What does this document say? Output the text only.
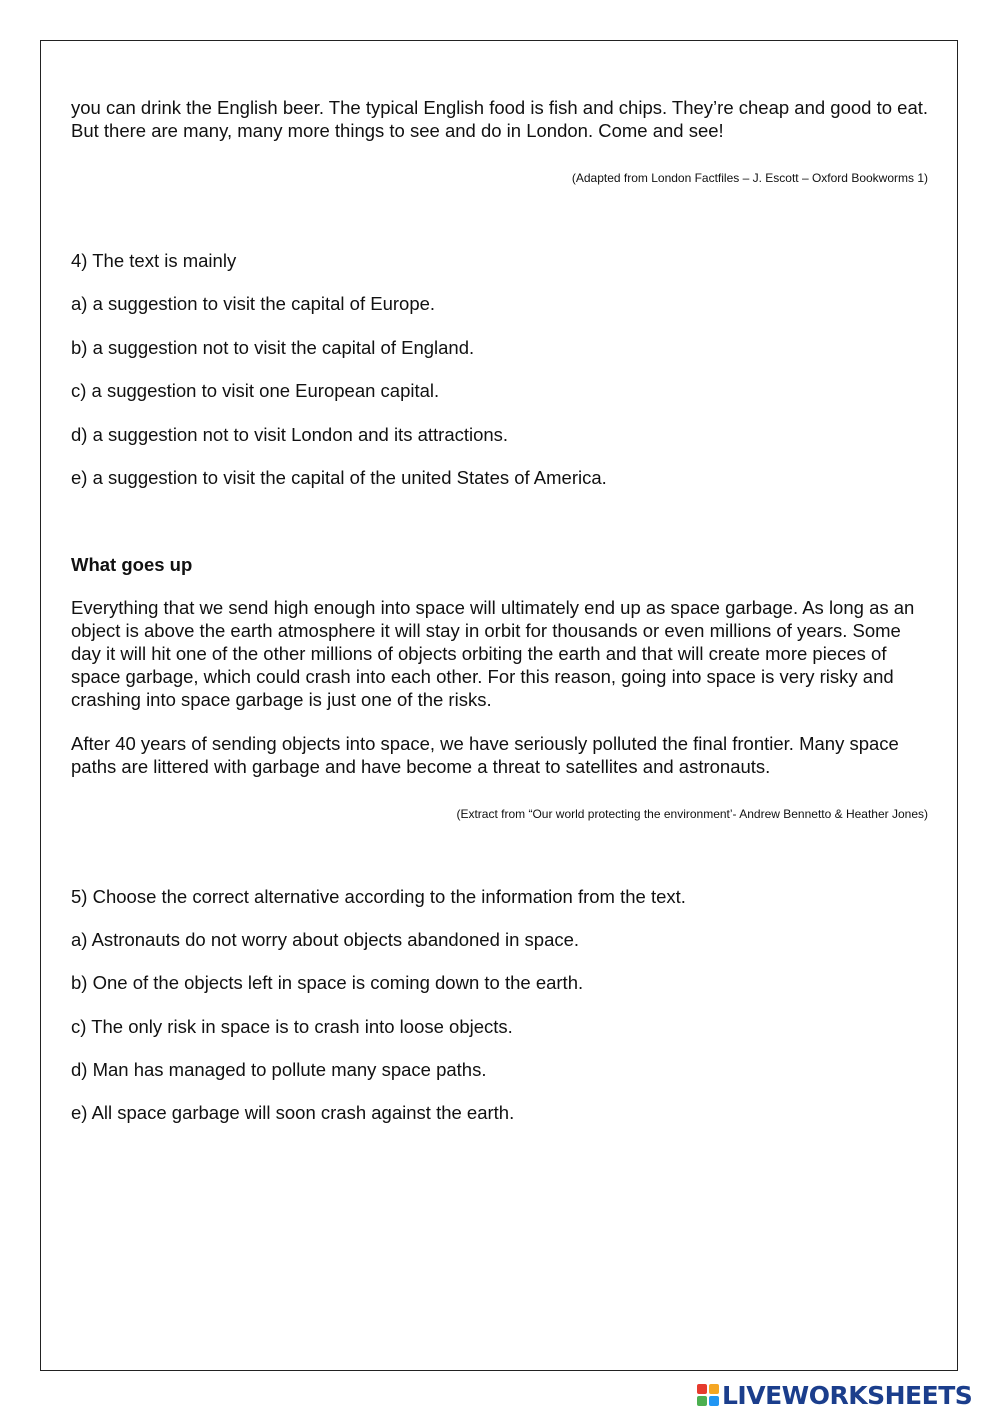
you can drink the English beer. The typical English food is fish and chips. They’re cheap and good to eat. But there are many, many more things to see and do in London. Come and see!

(Adapted from London Factfiles – J. Escott – Oxford Bookworms 1)

4) The text is mainly

a) a suggestion to visit the capital of Europe.

b) a suggestion not to visit the capital of England.

c) a suggestion to visit one European capital.

d) a suggestion not to visit London and its attractions.

e) a suggestion to visit the capital of the united States of America.

What goes up

Everything that we send high enough into space will ultimately end up as space garbage. As long as an object is above the earth atmosphere it will stay in orbit for thousands or even millions of years. Some day it will hit one of the other millions of objects orbiting the earth and that will create more pieces of space garbage, which could crash into each other. For this reason, going into space is very risky and crashing into space garbage is just one of the risks.

After 40 years of sending objects into space, we have seriously polluted the final frontier. Many space paths are littered with garbage and have become a threat to satellites and astronauts.

(Extract from “Our world protecting the environment’- Andrew Bennetto & Heather Jones)

5) Choose the correct alternative according to the information from the text.

a) Astronauts do not worry about objects abandoned in space.

b) One of the objects left in space is coming down to the earth.

c) The only risk in space is to crash into loose objects.

d) Man has managed to pollute many space paths.

e) All space garbage will soon crash against the earth.

LIVEWORKSHEETS
